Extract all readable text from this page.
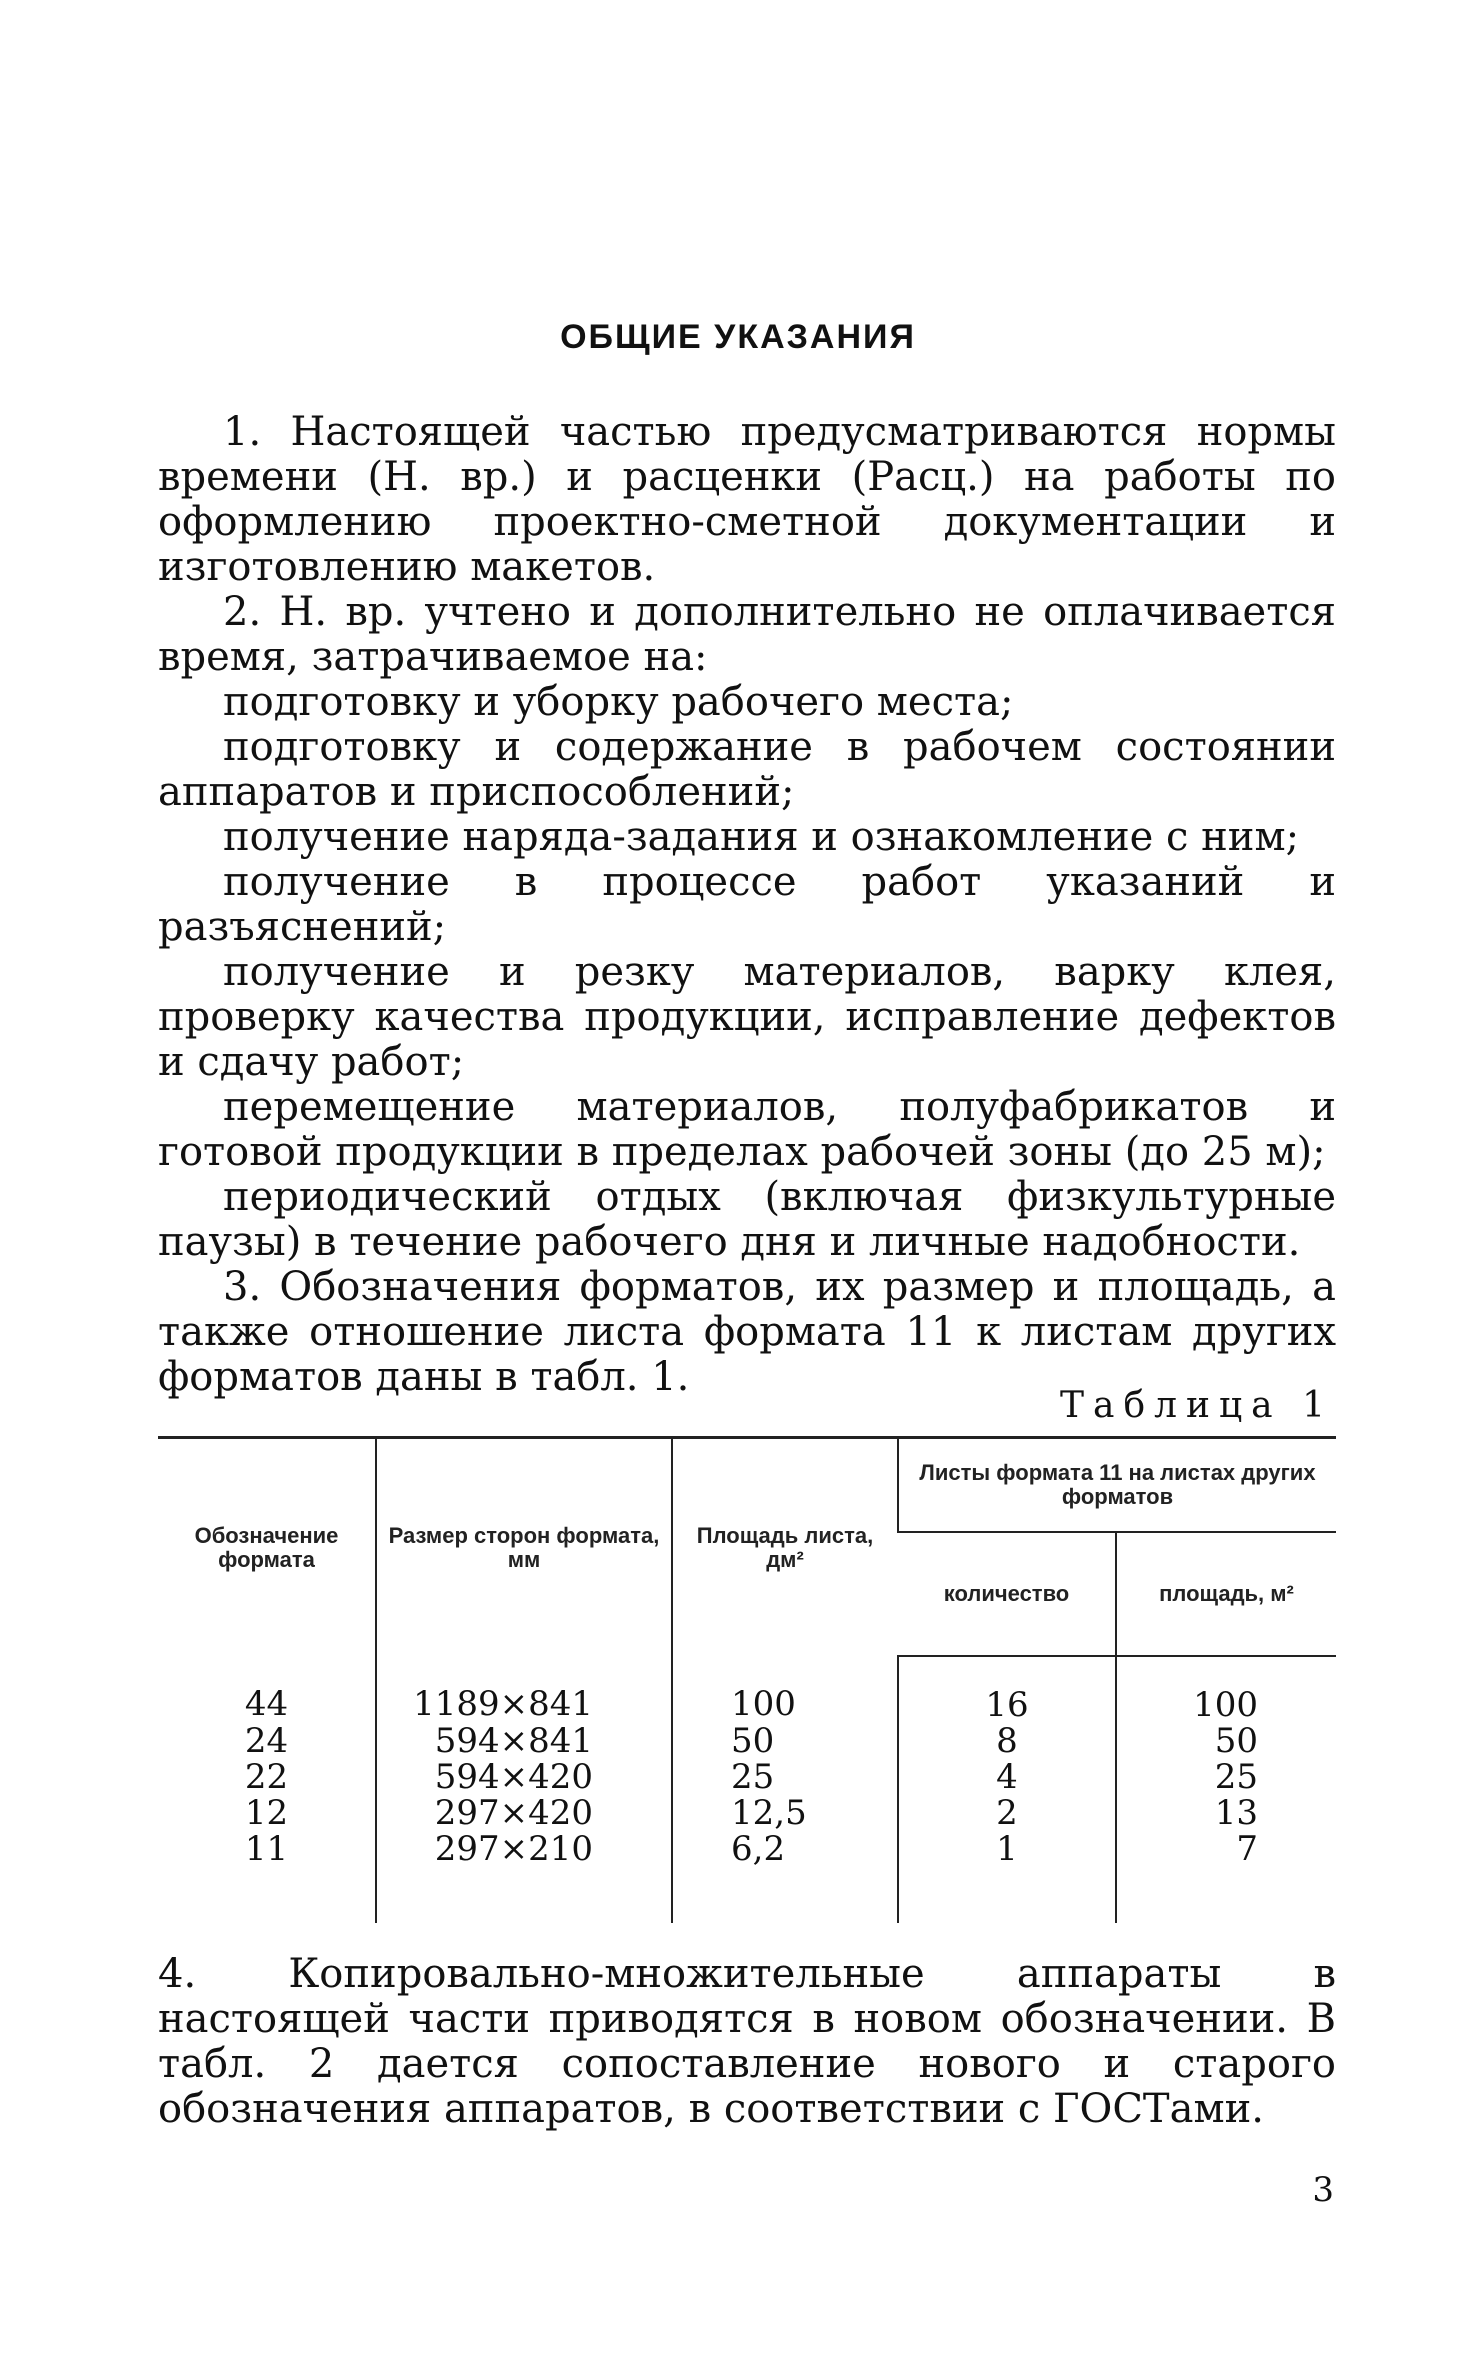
ОБЩИЕ УКАЗАНИЯ

1. Настоящей частью предусматриваются нормы времени (Н. вр.) и расценки (Расц.) на работы по оформлению проектно-сметной документации и изготовлению макетов.

2. Н. вр. учтено и дополнительно не оплачивается время, затрачиваемое на:

подготовку и уборку рабочего места;

подготовку и содержание в рабочем состоянии аппаратов и приспособлений;

получение наряда-задания и ознакомление с ним;

получение в процессе работ указаний и разъяснений;

получение и резку материалов, варку клея, проверку качества продукции, исправление дефектов и сдачу работ;

перемещение материалов, полуфабрикатов и готовой продукции в пределах рабочей зоны (до 25 м);

периодический отдых (включая физкультурные паузы) в течение рабочего дня и личные надобности.

3. Обозначения форматов, их размер и площадь, а также отношение листа формата 11 к листам других форматов даны в табл. 1.

Таблица 1
Обозначение формата	Размер сторон формата, мм	Площадь листа, дм²	Листы формата 11 на листах других форматов	
			количество	площадь, м²
44	1189×841	100	16	100
24	594×841	50	8	50
22	594×420	25	4	25
12	297×420	12,5	2	13
11	297×210	6,2	1	7
4. Копировально-множительные аппараты в настоящей части приводятся в новом обозначении. В табл. 2 дается сопоставление нового и старого обозначения аппаратов, в соответствии с ГОСТами.
3
